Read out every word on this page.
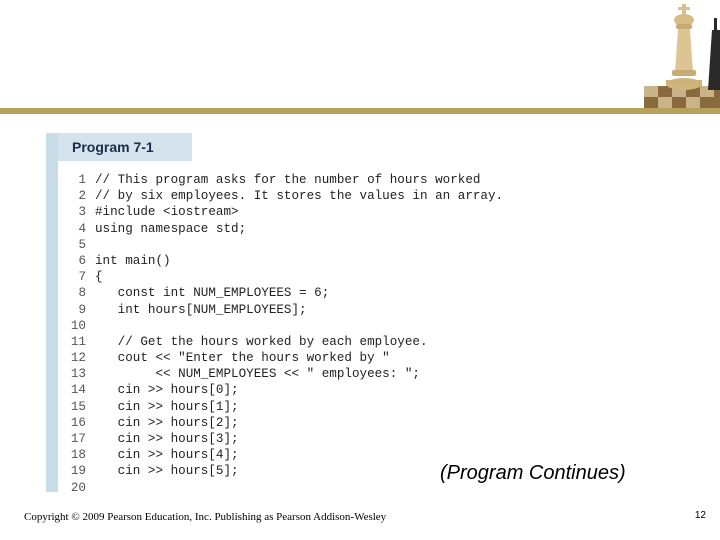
Program 7-1
1 // This program asks for the number of hours worked
2 // by six employees. It stores the values in an array.
3 #include <iostream>
4 using namespace std;
5
6 int main()
7 {
8   const int NUM_EMPLOYEES = 6;
9   int hours[NUM_EMPLOYEES];
10
11   // Get the hours worked by each employee.
12   cout << "Enter the hours worked by "
13        << NUM_EMPLOYEES << " employees: ";
14   cin >> hours[0];
15   cin >> hours[1];
16   cin >> hours[2];
17   cin >> hours[3];
18   cin >> hours[4];
19   cin >> hours[5];
20
(Program Continues)
Copyright © 2009 Pearson Education, Inc. Publishing as Pearson Addison-Wesley	12
